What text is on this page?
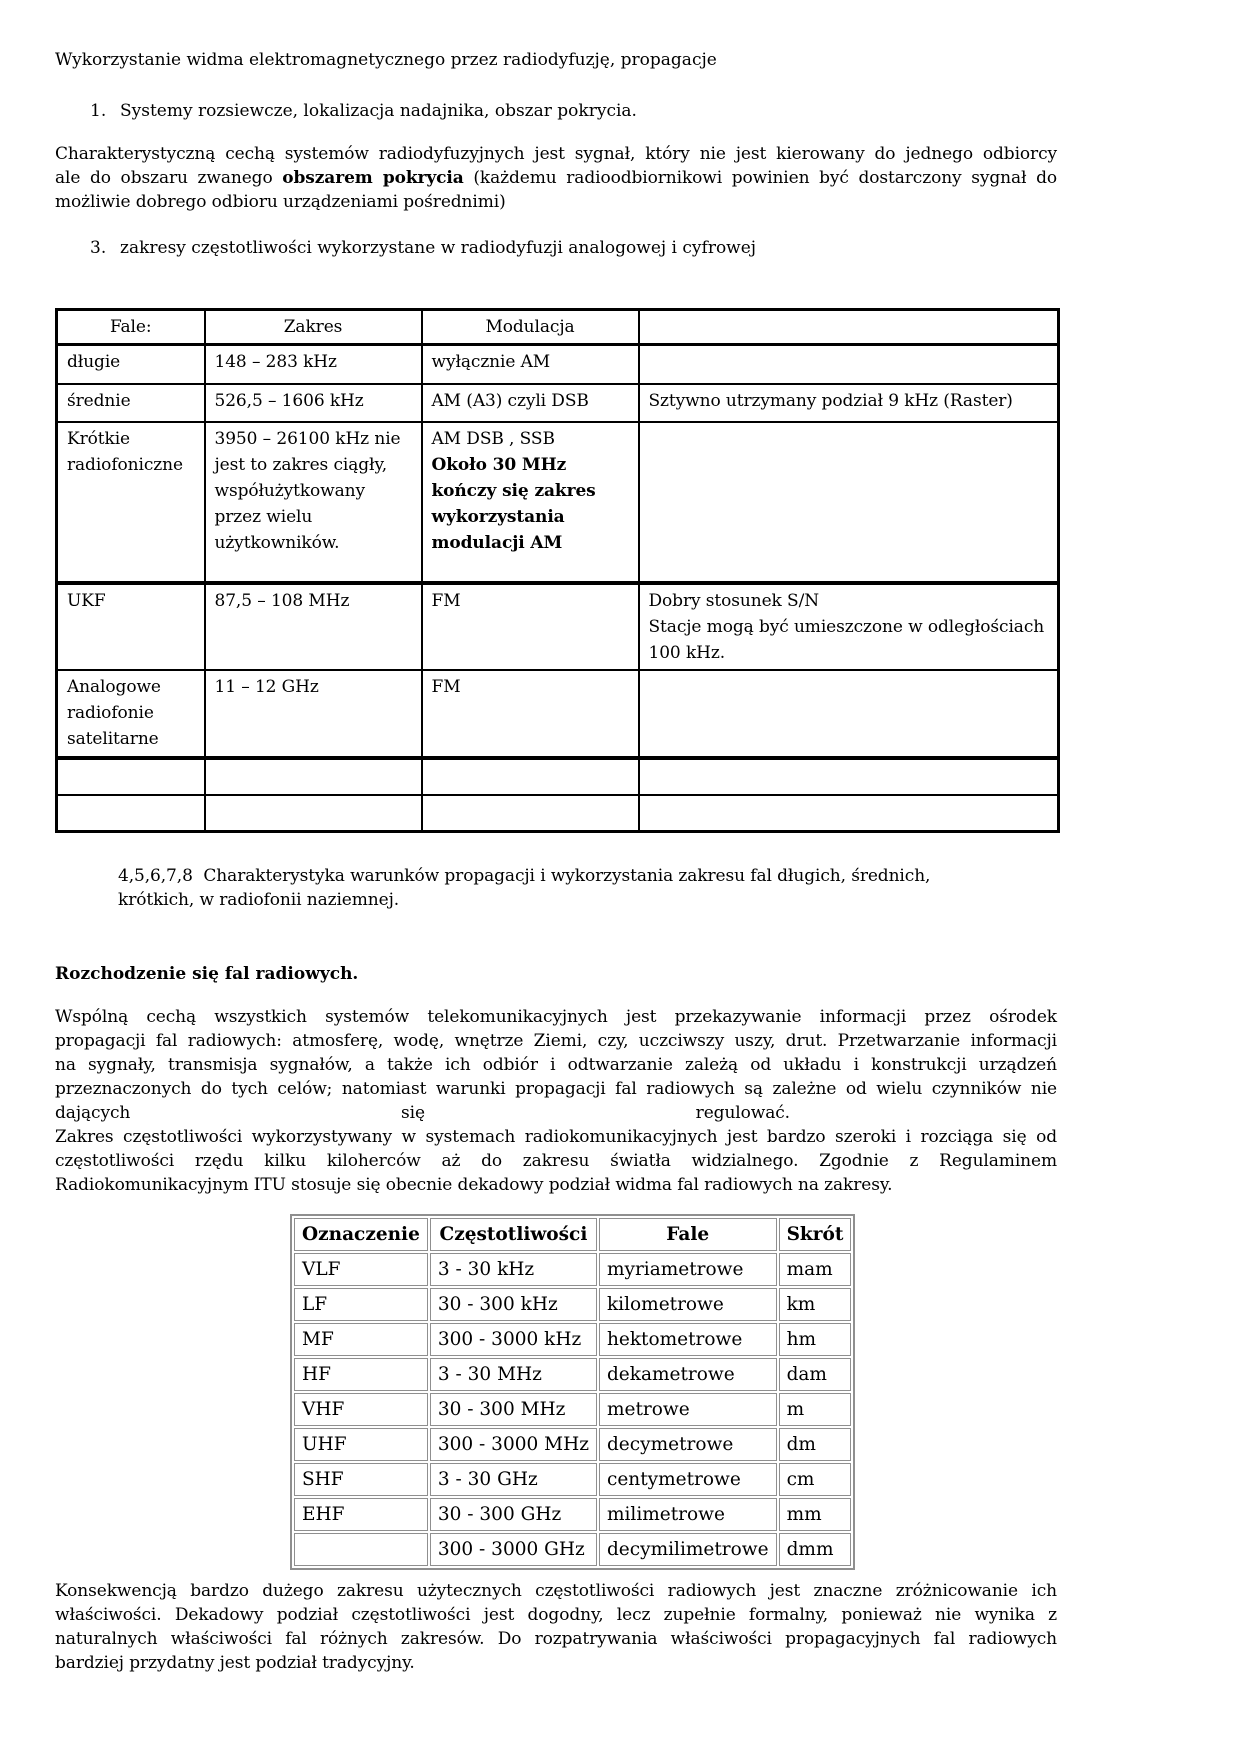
Wykorzystanie widma elektromagnetycznego przez radiodyfuzję, propagacje

1. Systemy rozsiewcze, lokalizacja nadajnika, obszar pokrycia.
Charakterystyczną cechą systemów radiodyfuzyjnych jest sygnał, który nie jest kierowany do jednego odbiorcy
ale do obszaru zwanego obszarem pokrycia (każdemu radioodbiornikowi powinien być dostarczony sygnał do
możliwie dobrego odbioru urządzeniami pośrednimi)
3. zakresy częstotliwości wykorzystane w radiodyfuzji analogowej i cyfrowej
Fale:	Zakres	Modulacja	
długie	148 – 283 kHz	wyłącznie AM	
średnie	526,5 – 1606 kHz	AM (A3) czyli DSB	Sztywno utrzymany podział 9 kHz (Raster)
Krótkie radiofoniczne	3950 – 26100 kHz nie jest to zakres ciągły, współużytkowany przez wielu użytkowników.	AM DSB , SSB
Około 30 MHz kończy się zakres wykorzystania modulacji AM	

UKF	87,5 – 108 MHz	FM	Dobry stosunek S/N
Stacje mogą być umieszczone w odległościach 100 kHz.

Analogowe radiofonie satelitarne	11 – 12 GHz	FM	

4,5,6,7,8  Charakterystyka warunków propagacji i wykorzystania zakresu fal długich, średnich,
krótkich, w radiofonii naziemnej.

Rozchodzenie się fal radiowych.

Wspólną cechą wszystkich systemów telekomunikacyjnych jest przekazywanie informacji przez ośrodek
propagacji fal radiowych: atmosferę, wodę, wnętrze Ziemi, czy, uczciwszy uszy, drut. Przetwarzanie informacji
na sygnały, transmisja sygnałów, a także ich odbiór i odtwarzanie zależą od układu i konstrukcji urządzeń
przeznaczonych do tych celów; natomiast warunki propagacji fal radiowych są zależne od wielu czynników nie
dających się regulować.
Zakres częstotliwości wykorzystywany w systemach radiokomunikacyjnych jest bardzo szeroki i rozciąga się od
częstotliwości rzędu kilku kiloherców aż do zakresu światła widzialnego. Zgodnie z Regulaminem
Radiokomunikacyjnym ITU stosuje się obecnie dekadowy podział widma fal radiowych na zakresy.
Oznaczenie	Częstotliwości	Fale	Skrót
VLF	3 - 30 kHz	myriametrowe	mam
LF	30 - 300 kHz	kilometrowe	km
MF	300 - 3000 kHz	hektometrowe	hm
HF	3 - 30 MHz	dekametrowe	dam
VHF	30 - 300 MHz	metrowe	m
UHF	300 - 3000 MHz	decymetrowe	dm
SHF	3 - 30 GHz	centymetrowe	cm
EHF	30 - 300 GHz	milimetrowe	mm
	300 - 3000 GHz	decymilimetrowe	dmm
Konsekwencją bardzo dużego zakresu użytecznych częstotliwości radiowych jest znaczne zróżnicowanie ich
właściwości. Dekadowy podział częstotliwości jest dogodny, lecz zupełnie formalny, ponieważ nie wynika z
naturalnych właściwości fal różnych zakresów. Do rozpatrywania właściwości propagacyjnych fal radiowych
bardziej przydatny jest podział tradycyjny.
